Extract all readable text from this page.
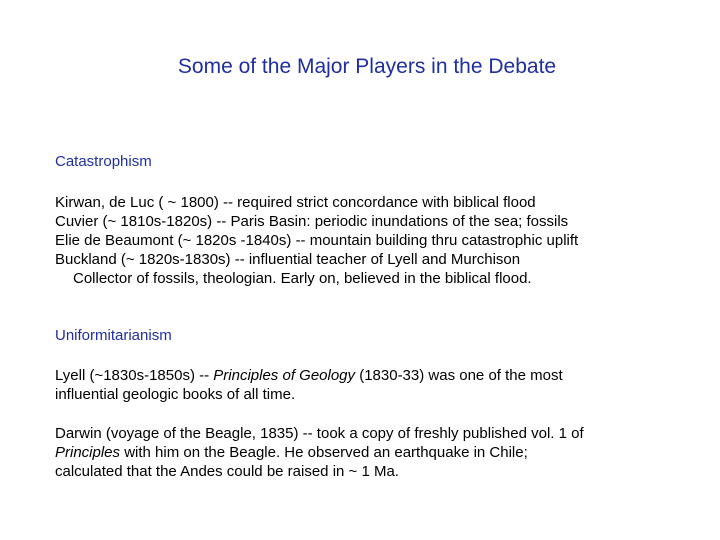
Some of the Major Players in the Debate
Catastrophism
Kirwan, de Luc ( ~ 1800) -- required strict concordance with biblical flood
Cuvier (~ 1810s-1820s) -- Paris Basin: periodic inundations of the sea; fossils
Elie de Beaumont (~ 1820s -1840s) -- mountain building thru catastrophic uplift
Buckland (~ 1820s-1830s) -- influential teacher of Lyell and Murchison
Collector of fossils, theologian. Early on, believed in the biblical flood.
Uniformitarianism
Lyell (~1830s-1850s) -- Principles of Geology (1830-33) was one of the most
influential geologic books of all time.
Darwin (voyage of the Beagle, 1835) -- took a copy of freshly published vol. 1 of
Principles with him on the Beagle. He observed an earthquake in Chile;
calculated that the Andes could be raised in ~ 1 Ma.
